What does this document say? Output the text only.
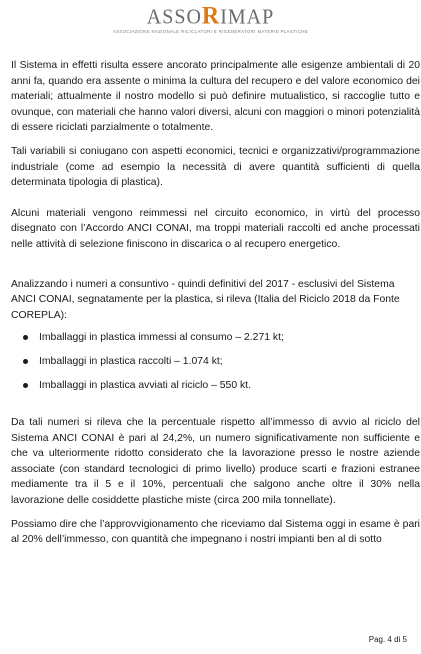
ASSORIMAP
ASSOCIAZIONE NAZIONALE RICICLATORI E RIGENERATORI MATERIE PLASTICHE

Il Sistema in effetti risulta essere ancorato principalmente alle esigenze ambientali di 20 anni fa, quando era assente o minima la cultura del recupero e del valore economico dei materiali; attualmente il nostro modello si può definire mutualistico, si raccoglie tutto e ovunque, con materiali che hanno valori diversi, alcuni con maggiori o minori potenzialità di essere riciclati parzialmente o totalmente.

Tali variabili si coniugano con aspetti economici, tecnici e organizzativi/programmazione industriale (come ad esempio la necessità di avere quantità sufficienti di quella determinata tipologia di plastica).

Alcuni materiali vengono reimmessi nel circuito economico, in virtù del processo disegnato con l’Accordo ANCI CONAI, ma troppi materiali raccolti ed anche processati nelle attività di selezione finiscono in discarica o al recupero energetico.

Analizzando i numeri a consuntivo - quindi definitivi del 2017 - esclusivi del Sistema ANCI CONAI, segnatamente per la plastica, si rileva (Italia del Riciclo 2018 da Fonte COREPLA):

Imballaggi in plastica immessi al consumo – 2.271 kt;
Imballaggi in plastica raccolti – 1.074 kt;
Imballaggi in plastica avviati al riciclo – 550 kt.

Da tali numeri si rileva che la percentuale rispetto all’immesso di avvio al riciclo del Sistema ANCI CONAI è pari al 24,2%, un numero significativamente non sufficiente e che va ulteriormente ridotto considerato che la lavorazione presso le nostre aziende associate (con standard tecnologici di primo livello) produce scarti e frazioni estranee mediamente tra il 5 e il 10%, percentuali che salgono anche oltre il 30% nella lavorazione delle cosiddette plastiche miste (circa 200 mila tonnellate).

Possiamo dire che l’approvvigionamento che riceviamo dal Sistema oggi in esame è pari al 20% dell’immesso, con quantità che impegnano i nostri impianti ben al di sotto

Pag. 4 di 5
